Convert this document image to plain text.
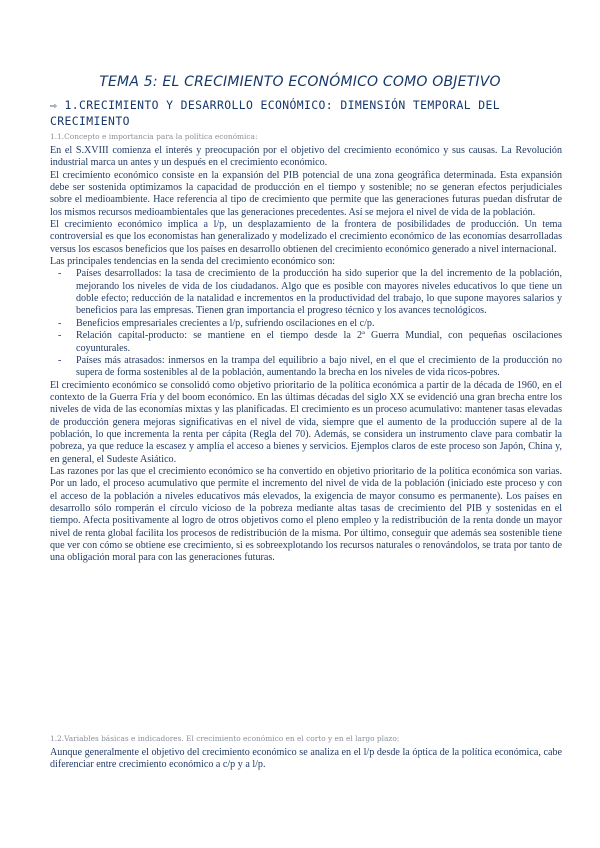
TEMA 5: EL CRECIMIENTO ECONÓMICO COMO OBJETIVO
⇨ 1.CRECIMIENTO Y DESARROLLO ECONÓMICO: DIMENSIÓN TEMPORAL DEL CRECIMIENTO
1.1.Concepto e importancia para la política económica:

En el S.XVIII comienza el interés y preocupación por el objetivo del crecimiento económico y sus causas. La Revolución industrial marca un antes y un después en el crecimiento económico.

El crecimiento económico consiste en la expansión del PIB potencial de una zona geográfica determinada. Esta expansión debe ser sostenida optimizamos la capacidad de producción en el tiempo y sostenible; no se generan efectos perjudiciales sobre el medioambiente. Hace referencia al tipo de crecimiento que permite que las generaciones futuras puedan disfrutar de los mismos recursos medioambientales que las generaciones precedentes. Así se mejora el nivel de vida de la población.

El crecimiento económico implica a l/p, un desplazamiento de la frontera de posibilidades de producción. Un tema controversial es que los economistas han generalizado y modelizado el crecimiento económico de las economías desarrolladas versus los escasos beneficios que los países en desarrollo obtienen del crecimiento económico generado a nivel internacional.

Las principales tendencias en la senda del crecimiento económico son:

- Países desarrollados: la tasa de crecimiento de la producción ha sido superior que la del incremento de la población, mejorando los niveles de vida de los ciudadanos. Algo que es posible con mayores niveles educativos lo que tiene un doble efecto; reducción de la natalidad e incrementos en la productividad del trabajo, lo que supone mayores salarios y beneficios para las empresas. Tienen gran importancia el progreso técnico y los avances tecnológicos.
- Beneficios empresariales crecientes a l/p, sufriendo oscilaciones en el c/p.
- Relación capital-producto: se mantiene en el tiempo desde la 2ª Guerra Mundial, con pequeñas oscilaciones coyunturales.
- Países más atrasados: inmersos en la trampa del equilibrio a bajo nivel, en el que el crecimiento de la producción no supera de forma sostenibles al de la población, aumentando la brecha en los niveles de vida ricos-pobres.

El crecimiento económico se consolidó como objetivo prioritario de la política económica a partir de la década de 1960, en el contexto de la Guerra Fría y del boom económico. En las últimas décadas del siglo XX se evidenció una gran brecha entre los niveles de vida de las economías mixtas y las planificadas. El crecimiento es un proceso acumulativo: mantener tasas elevadas de producción genera mejoras significativas en el nivel de vida, siempre que el aumento de la producción supere al de la población, lo que incrementa la renta per cápita (Regla del 70). Además, se considera un instrumento clave para combatir la pobreza, ya que reduce la escasez y amplía el acceso a bienes y servicios. Ejemplos claros de este proceso son Japón, China y, en general, el Sudeste Asiático.

Las razones por las que el crecimiento económico se ha convertido en objetivo prioritario de la política económica son varias. Por un lado, el proceso acumulativo que permite el incremento del nivel de vida de la población (iniciado este proceso y con el acceso de la población a niveles educativos más elevados, la exigencia de mayor consumo es permanente). Los países en desarrollo sólo romperán el círculo vicioso de la pobreza mediante altas tasas de crecimiento del PIB y sostenidas en el tiempo. Afecta positivamente al logro de otros objetivos como el pleno empleo y la redistribución de la renta donde un mayor nivel de renta global facilita los procesos de redistribución de la misma. Por último, conseguir que además sea sostenible tiene que ver con cómo se obtiene ese crecimiento, si es sobreexplotando los recursos naturales o renovándolos, se trata por tanto de una obligación moral para con las generaciones futuras.

1.2.Variables básicas e indicadores. El crecimiento económico en el corto y en el largo plazo:

Aunque generalmente el objetivo del crecimiento económico se analiza en el l/p desde la óptica de la política económica, cabe diferenciar entre crecimiento económico a c/p y a l/p.
